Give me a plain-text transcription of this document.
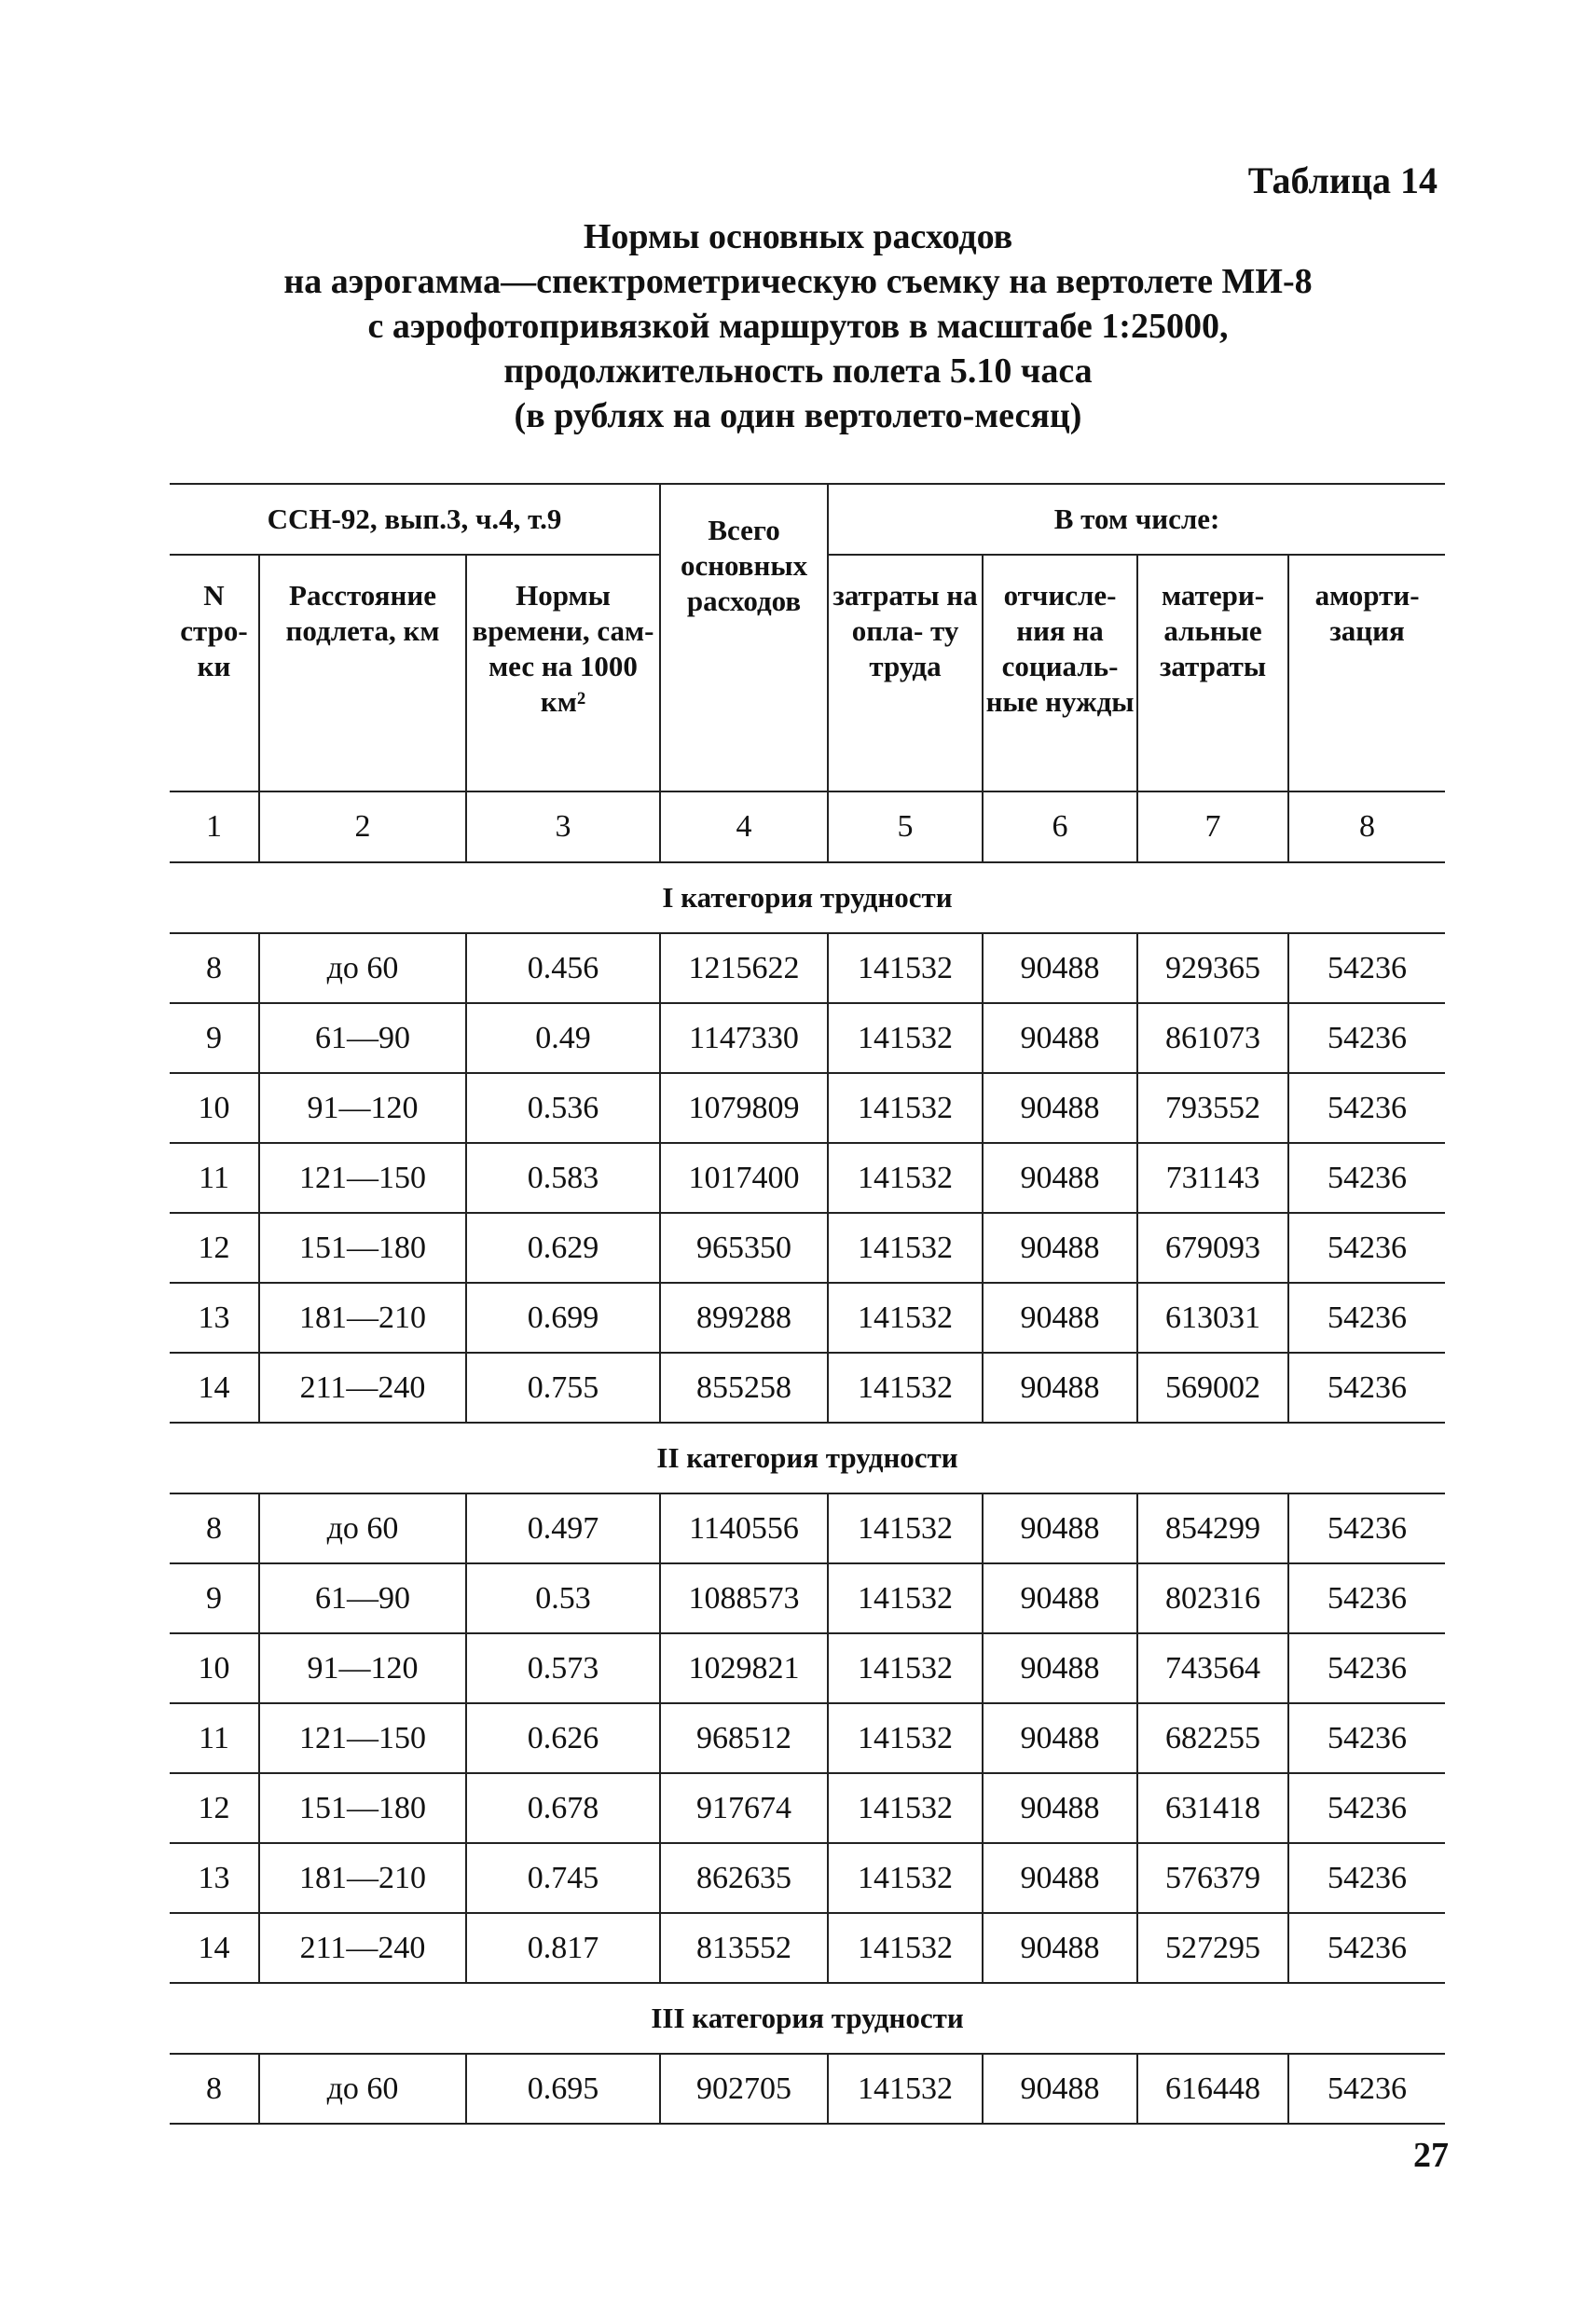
Таблица 14
Нормы основных расходов
на аэрогамма—спектрометрическую съемку на вертолете МИ-8
с аэрофотопривязкой маршрутов в масштабе 1:25000,
продолжительность полета 5.10 часа
(в рублях на один вертолето-месяц)
ССН-92, вып.3, ч.4, т.9			Всего основных расходов	В том числе:			
N стро- ки	Расстояние подлета, км	Нормы времени, сам-мес на 1000 км²		затраты на опла- ту труда	отчисле- ния на социаль- ные нужды	матери- альные затраты	аморти- зация
1	2	3	4	5	6	7	8
I категория трудности							
8	до 60	0.456	1215622	141532	90488	929365	54236
9	61—90	0.49	1147330	141532	90488	861073	54236
10	91—120	0.536	1079809	141532	90488	793552	54236
11	121—150	0.583	1017400	141532	90488	731143	54236
12	151—180	0.629	965350	141532	90488	679093	54236
13	181—210	0.699	899288	141532	90488	613031	54236
14	211—240	0.755	855258	141532	90488	569002	54236
II категория трудности							
8	до 60	0.497	1140556	141532	90488	854299	54236
9	61—90	0.53	1088573	141532	90488	802316	54236
10	91—120	0.573	1029821	141532	90488	743564	54236
11	121—150	0.626	968512	141532	90488	682255	54236
12	151—180	0.678	917674	141532	90488	631418	54236
13	181—210	0.745	862635	141532	90488	576379	54236
14	211—240	0.817	813552	141532	90488	527295	54236
III категория трудности							
8	до 60	0.695	902705	141532	90488	616448	54236
27
